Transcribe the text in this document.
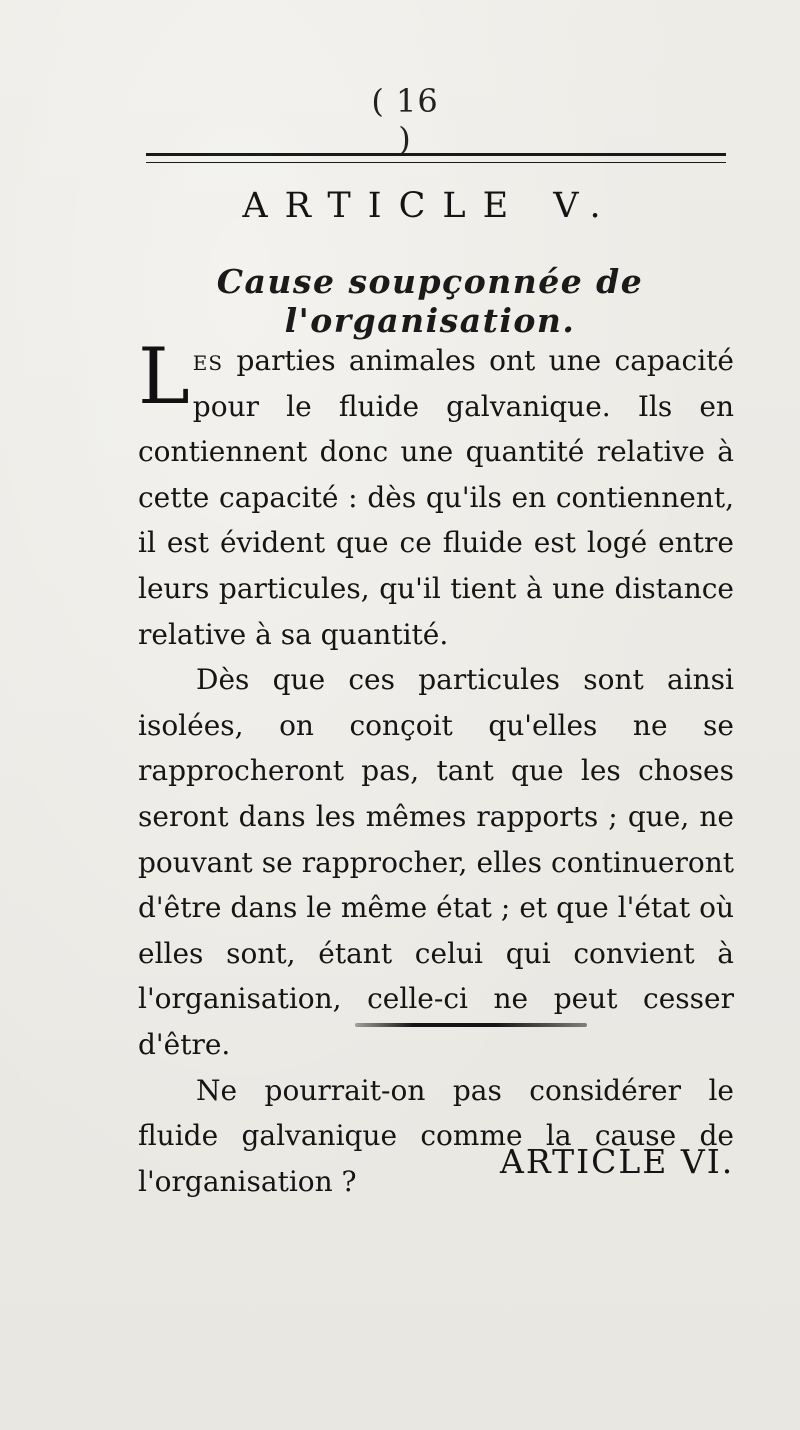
( 16 )
ARTICLE V.
Cause soupçonnée de l'organisation.

Les parties animales ont une capacité pour le fluide galvanique. Ils en contiennent donc une quantité relative à cette capacité : dès qu'ils en contiennent, il est évident que ce fluide est logé entre leurs particules, qu'il tient à une distance relative à sa quantité.

Dès que ces particules sont ainsi isolées, on conçoit qu'elles ne se rapprocheront pas, tant que les choses seront dans les mêmes rapports ; que, ne pouvant se rapprocher, elles continueront d'être dans le même état ; et que l'état où elles sont, étant celui qui convient à l'organisation, celle-ci ne peut cesser d'être.

Ne pourrait-on pas considérer le fluide galvanique comme la cause de l'organisation ?

ARTICLE VI.
